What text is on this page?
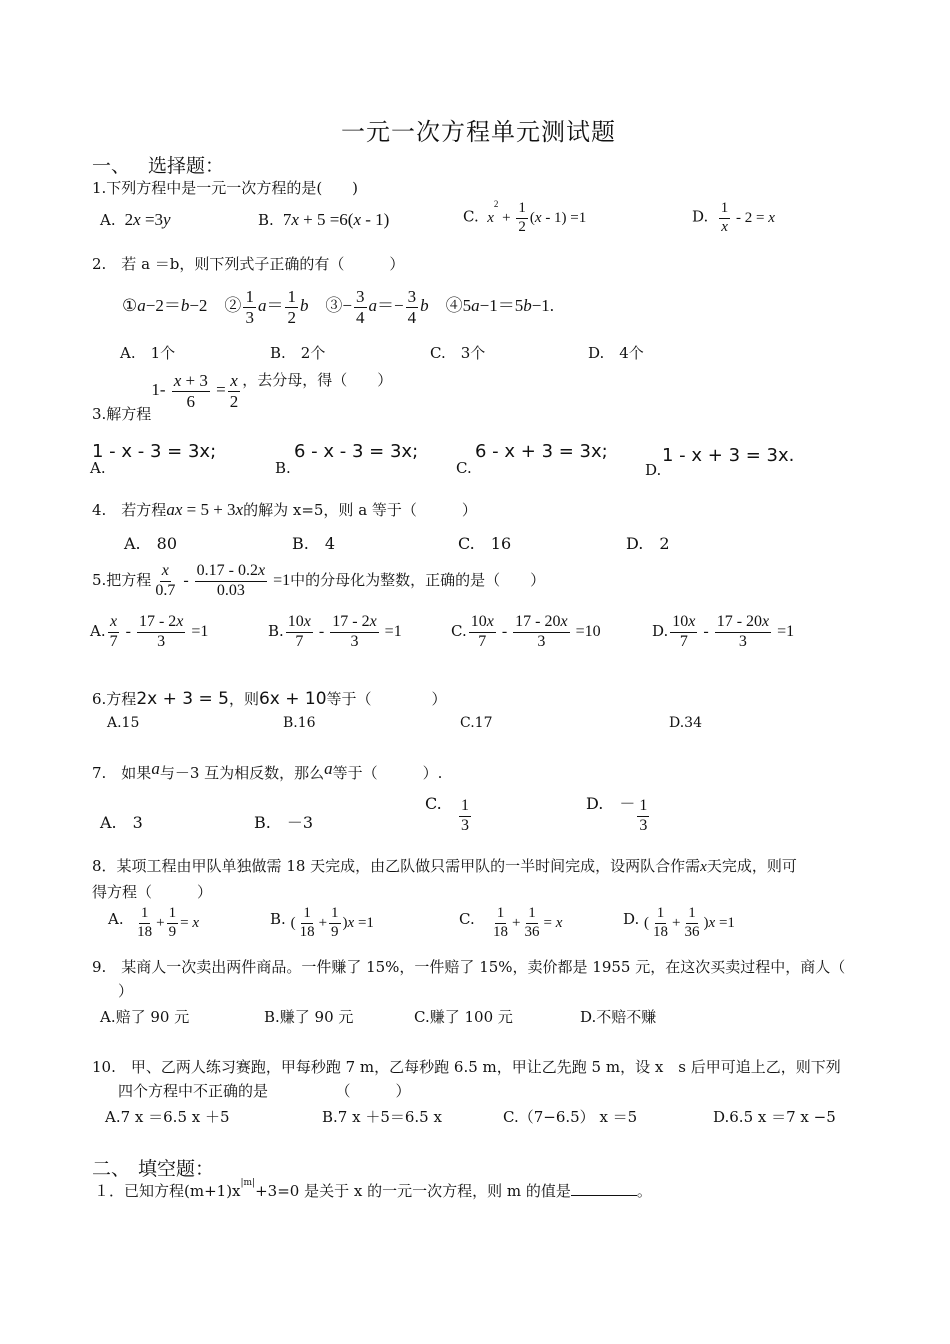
一元一次方程单元测试题
一、 选择题：
1.下列方程中是一元一次方程的是(　　)
A.  2x =3y	B.  7x + 5 =6(x - 1)	C. $x^2 + \frac{1}{2} (x - 1) =1$	D. $\frac{1}{x} - 2 = x$
2.　若 a ＝b，则下列式子正确的有（　　　）
①a−2＝b−2　② $\frac{1}{3} a= \frac{1}{2}$ b　③− $\frac{3}{4} a=- \frac{3}{4}$ b　④5a−1＝5b−1.
A.　1个	B.　2个	C.　3个	D.　4个
3.解方程$1- \frac{x + 3}{6} = \frac{x}{2}$ ，去分母，得（　　）
1 - x - 3 = 3x;
A.
6 - x - 3 = 3x;
B.
6 - x + 3 = 3x;
C.
1 - x + 3 = 3x.
D.
4.　若方程ax = 5 + 3x的解为 x=5，则 a 等于（　　　）
A.　80	B.　4	C.　16	D.　2
5.把方程 $\frac{x}{0.7} - \frac{0.17 - 0.2x}{0.03} =1$中的分母化为整数，正确的是（　　）
A. $\frac{x}{7} - \frac{17 - 2x}{3} =1$	B. $\frac{10x}{7} - \frac{17 - 2x}{3} =1$	C. $\frac{10x}{7} - \frac{17 - 20x}{3} =10$	D. $\frac{10x}{7} - \frac{17 - 20x}{3} =1$
6.方程2x + 3 = 5，则6x + 10等于（　　　　）
A.15	B.16	C.17	D.34
7.　如果a与－3 互为相反数，那么a等于（　　　）.
A.　3	B.　－3
C. $\frac{1}{3}$	D.　－ $\frac{1}{3}$
8．某项工程由甲队单独做需 18 天完成，由乙队做只需甲队的一半时间完成，设两队合作需x天完成，则可
得方程（　　　）
A. $\frac{1}{18} + \frac{1}{9} = x$	B. ( $\frac{1}{18} + \frac{1}{9} )x =1$	C. $\frac{1}{18} + \frac{1}{36} = x$	D. ( $\frac{1}{18} + \frac{1}{36} )x =1$
9.　某商人一次卖出两件商品。一件赚了 15%，一件赔了 15%，卖价都是 1955 元，在这次买卖过程中，商人（
）
A.赔了 90 元	B.赚了 90 元	C.赚了 100 元	D.不赔不赚
10.　甲、乙两人练习赛跑，甲每秒跑 7 m，乙每秒跑 6.5 m，甲让乙先跑 5 m，设 x　s 后甲可追上乙，则下列
四个方程中不正确的是　　　　　（　　　）
A.7 x ＝6.5 x ＋5	B.7 x ＋5＝6.5 x	C.（7−6.5） x ＝5	D.6.5 x ＝7 x −5
二、 填空题：
１．已知方程$(m+1)x^{|m|}+3=0$ 是关于 x 的一元一次方程，则 m 的值是	。
